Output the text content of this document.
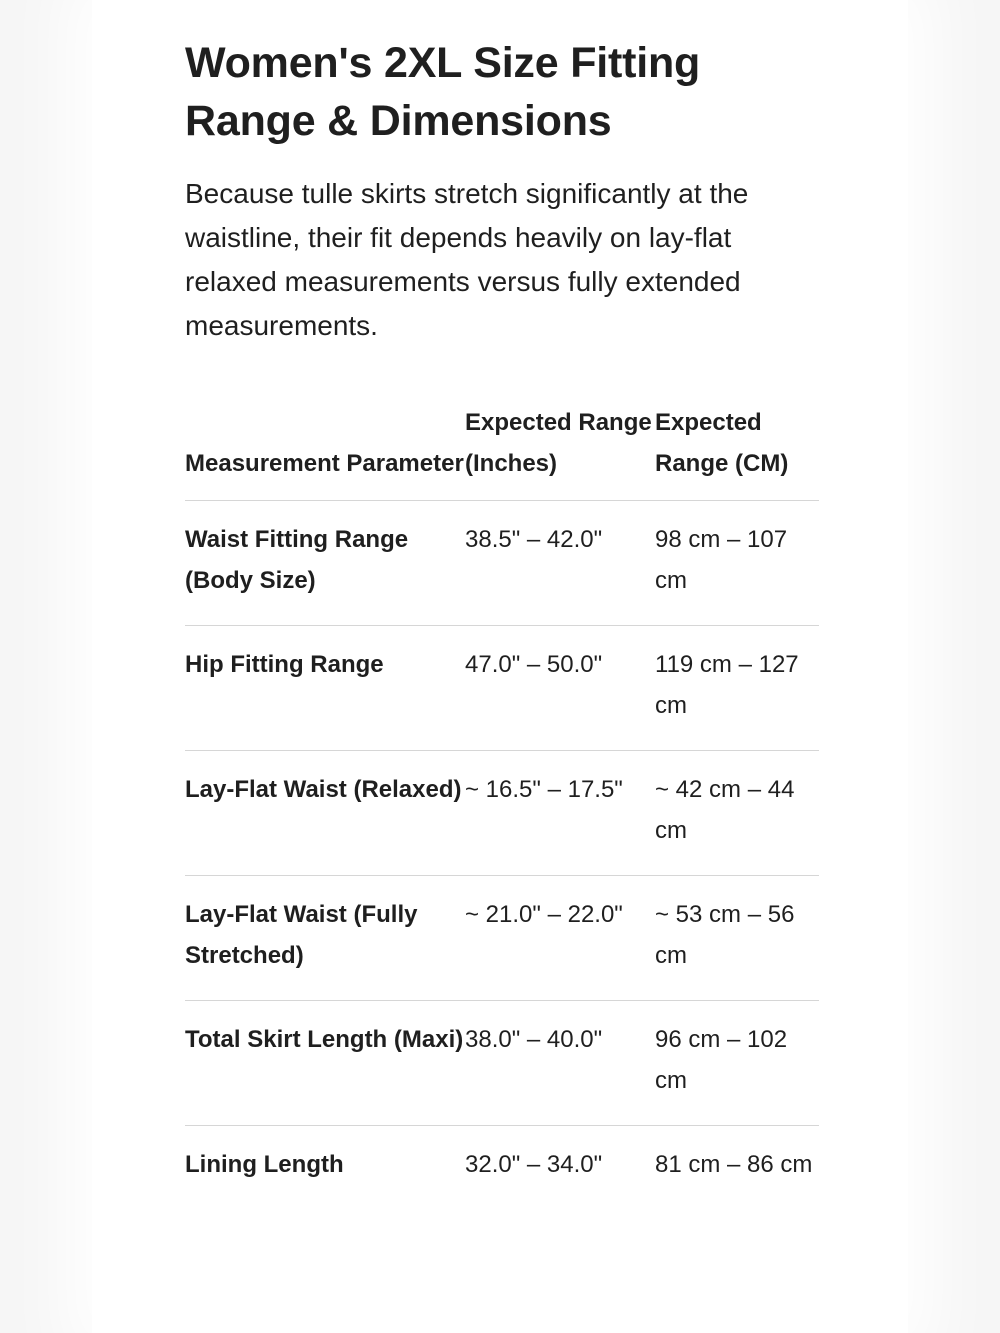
Women's 2XL Size Fitting Range & Dimensions

Because tulle skirts stretch significantly at the waistline, their fit depends heavily on lay-flat relaxed measurements versus fully extended measurements.

Measurement Parameter	Expected Range (Inches)	Expected Range (CM)
Waist Fitting Range (Body Size)	38.5" – 42.0"	98 cm – 107 cm
Hip Fitting Range	47.0" – 50.0"	119 cm – 127 cm
Lay-Flat Waist (Relaxed)	~ 16.5" – 17.5"	~ 42 cm – 44 cm
Lay-Flat Waist (Fully Stretched)	~ 21.0" – 22.0"	~ 53 cm – 56 cm
Total Skirt Length (Maxi)	38.0" – 40.0"	96 cm – 102 cm
Lining Length	32.0" – 34.0"	81 cm – 86 cm
